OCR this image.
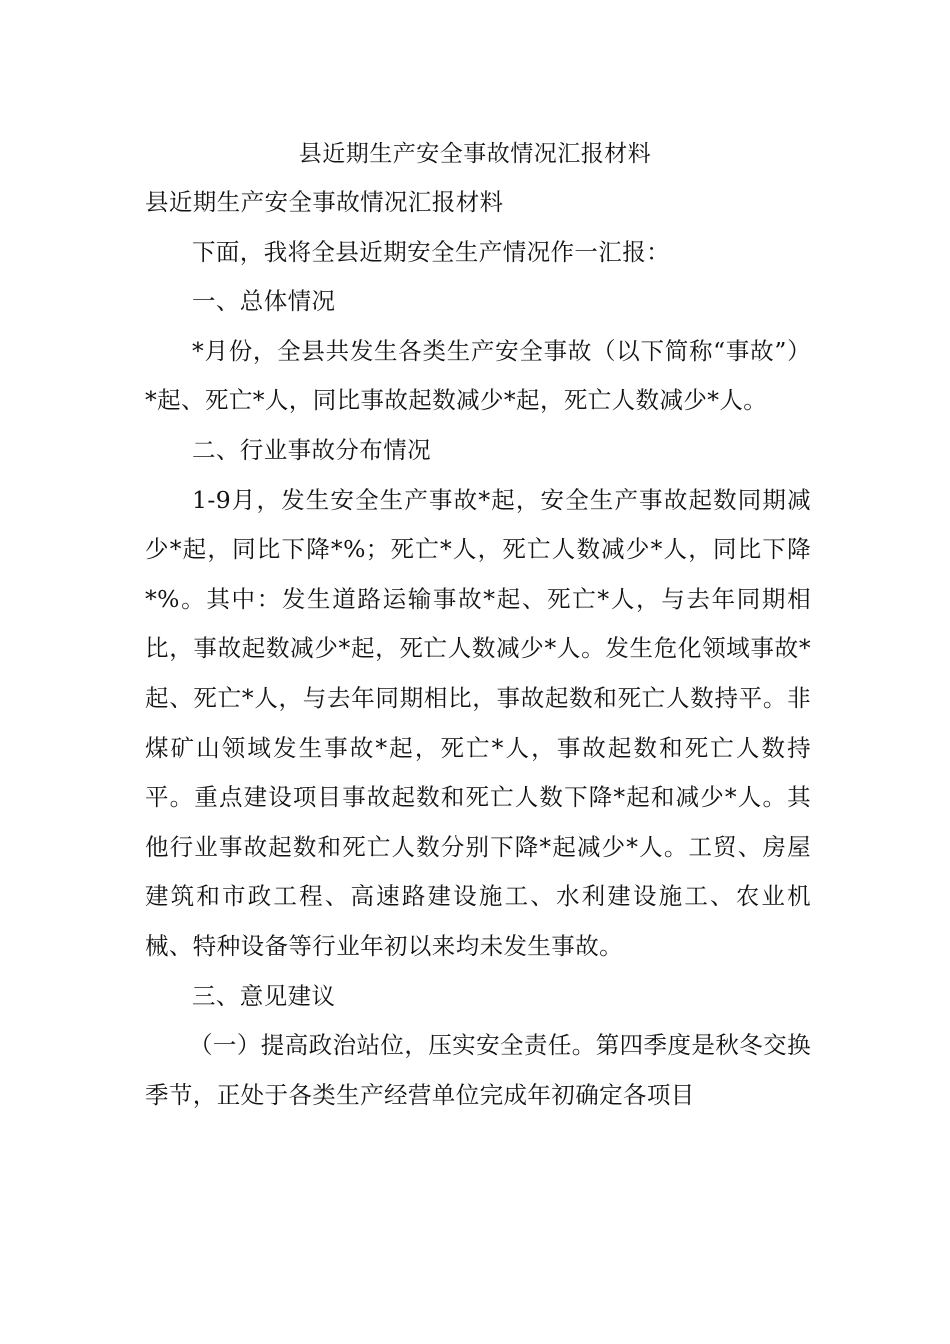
县近期生产安全事故情况汇报材料

县近期生产安全事故情况汇报材料

下面，我将全县近期安全生产情况作一汇报：

一、总体情况

*月份，全县共发生各类生产安全事故（以下简称“事故”）*起、死亡*人，同比事故起数减少*起，死亡人数减少*人。

二、行业事故分布情况

1-9月，发生安全生产事故*起，安全生产事故起数同期减少*起，同比下降*%；死亡*人，死亡人数减少*人，同比下降*%。其中：发生道路运输事故*起、死亡*人，与去年同期相比，事故起数减少*起，死亡人数减少*人。发生危化领域事故*起、死亡*人，与去年同期相比，事故起数和死亡人数持平。非煤矿山领域发生事故*起，死亡*人，事故起数和死亡人数持平。重点建设项目事故起数和死亡人数下降*起和减少*人。其他行业事故起数和死亡人数分别下降*起减少*人。工贸、房屋建筑和市政工程、高速路建设施工、水利建设施工、农业机械、特种设备等行业年初以来均未发生事故。

三、意见建议

（一）提高政治站位，压实安全责任。第四季度是秋冬交换季节，正处于各类生产经营单位完成年初确定各项目
